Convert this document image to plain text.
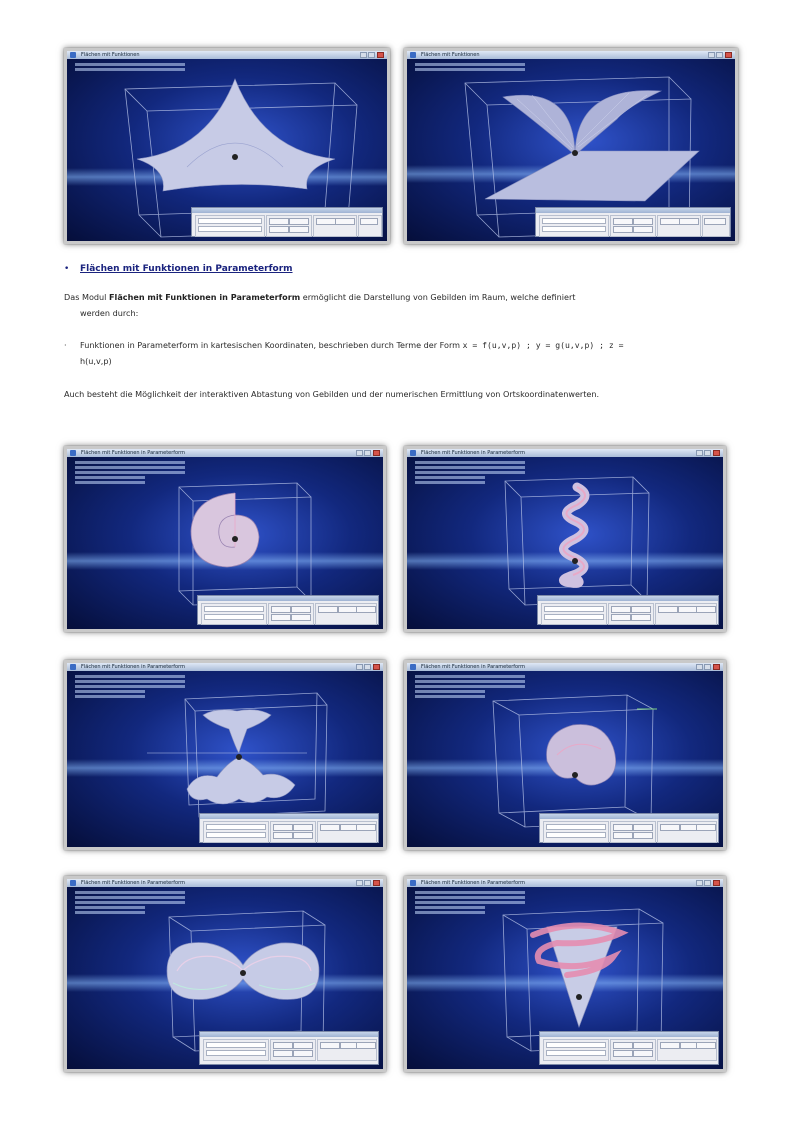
Flächen mit Funktionen	Flächen mit Funktionen
• Flächen mit Funktionen in Parameterform
Das Modul Flächen mit Funktionen in Parameterform ermöglicht die Darstellung von Gebilden im Raum, welche definiert
werden durch:
· Funktionen in Parameterform in kartesischen Koordinaten, beschrieben durch Terme der Form x = f(u,v,p) ; y = g(u,v,p) ; z =
h(u,v,p)
Auch besteht die Möglichkeit der interaktiven Abtastung von Gebilden und der numerischen Ermittlung von Ortskoordinatenwerten.
Flächen mit Funktionen in Parameterform	Flächen mit Funktionen in Parameterform
Flächen mit Funktionen in Parameterform	Flächen mit Funktionen in Parameterform
Flächen mit Funktionen in Parameterform	Flächen mit Funktionen in Parameterform
